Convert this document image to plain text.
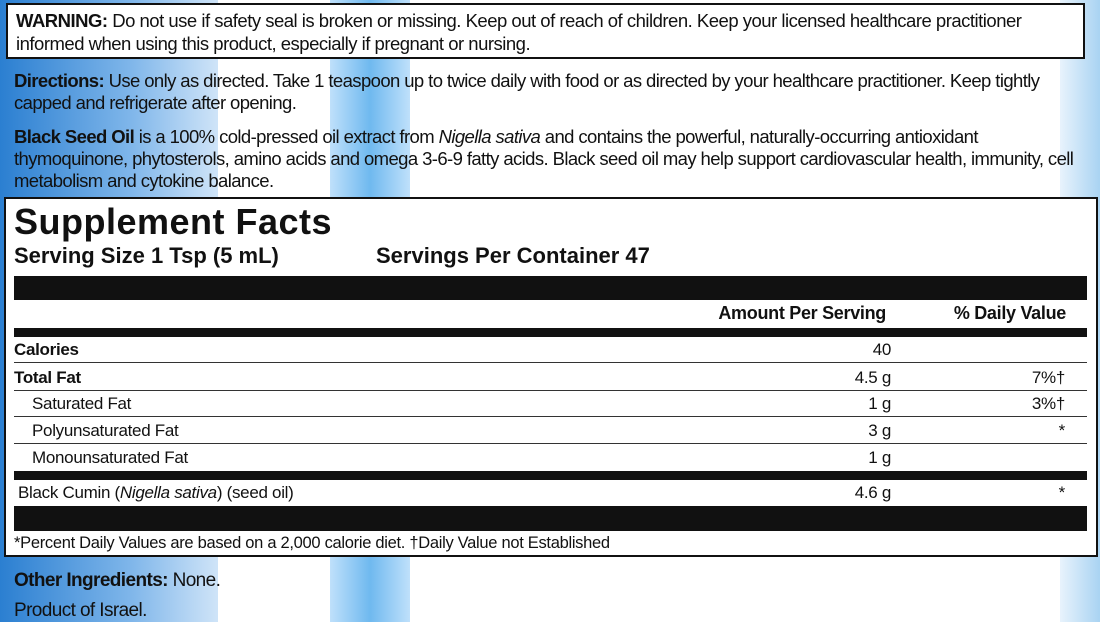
WARNING: Do not use if safety seal is broken or missing. Keep out of reach of children. Keep your licensed healthcare practitioner informed when using this product, especially if pregnant or nursing.
Directions: Use only as directed. Take 1 teaspoon up to twice daily with food or as directed by your healthcare practitioner. Keep tightly capped and refrigerate after opening.
Black Seed Oil is a 100% cold-pressed oil extract from Nigella sativa and contains the powerful, naturally-occurring antioxidant thymoquinone, phytosterols, amino acids and omega 3-6-9 fatty acids. Black seed oil may help support cardiovascular health, immunity, cell metabolism and cytokine balance.
Supplement Facts
Serving Size 1 Tsp (5 mL)	Servings Per Container 47
Amount Per Serving	% Daily Value
Calories	40
Total Fat	4.5 g	7%†
Saturated Fat	1 g	3%†
Polyunsaturated Fat	3 g	*
Monounsaturated Fat	1 g
Black Cumin (Nigella sativa) (seed oil)	4.6 g	*
*Percent Daily Values are based on a 2,000 calorie diet. †Daily Value not Established
Other Ingredients: None.
Product of Israel.
